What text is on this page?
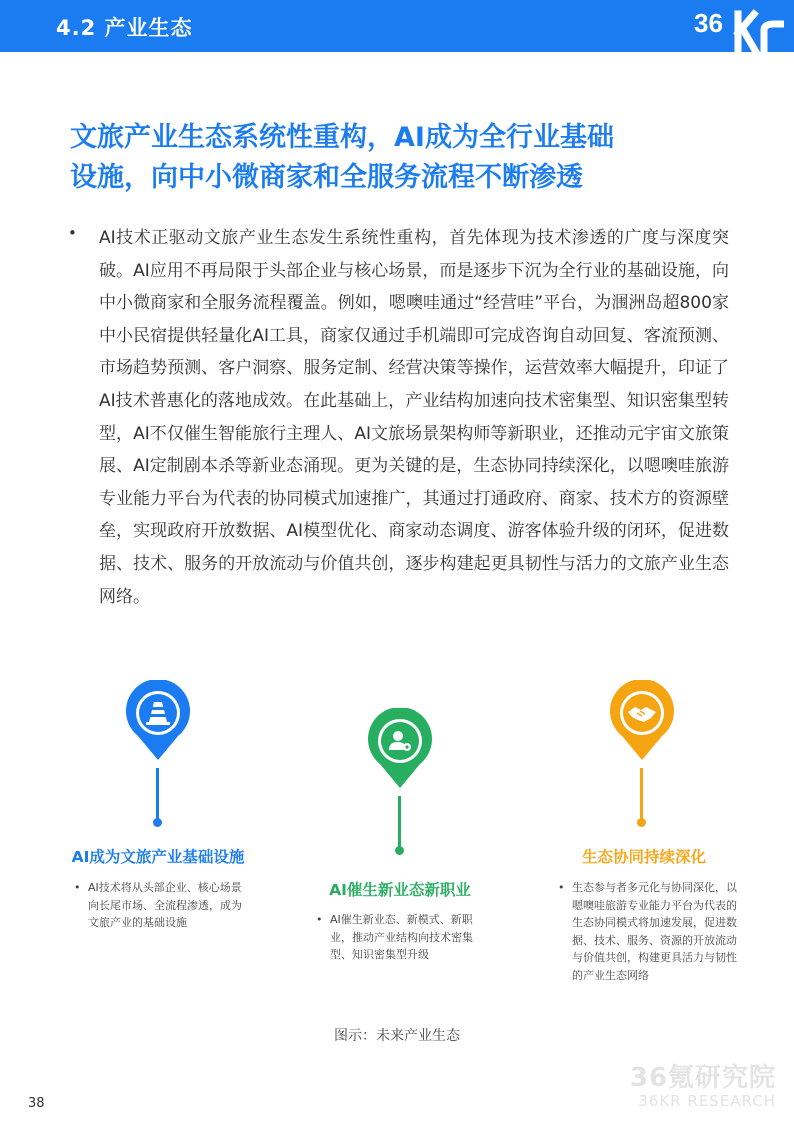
4.2 产业生态	36
文旅产业生态系统性重构，AI成为全行业基础
设施，向中小微商家和全服务流程不断渗透
• AI技术正驱动文旅产业生态发生系统性重构，首先体现为技术渗透的广度与深度突破。AI应用不再局限于头部企业与核心场景，而是逐步下沉为全行业的基础设施，向中小微商家和全服务流程覆盖。例如，嗯噢哇通过“经营哇”平台，为涠洲岛超800家中小民宿提供轻量化AI工具，商家仅通过手机端即可完成咨询自动回复、客流预测、市场趋势预测、客户洞察、服务定制、经营决策等操作，运营效率大幅提升，印证了AI技术普惠化的落地成效。在此基础上，产业结构加速向技术密集型、知识密集型转型，AI不仅催生智能旅行主理人、AI文旅场景架构师等新职业，还推动元宇宙文旅策展、AI定制剧本杀等新业态涌现。更为关键的是，生态协同持续深化，以嗯噢哇旅游专业能力平台为代表的协同模式加速推广，其通过打通政府、商家、技术方的资源壁垒，实现政府开放数据、AI模型优化、商家动态调度、游客体验升级的闭环，促进数据、技术、服务的开放流动与价值共创，逐步构建起更具韧性与活力的文旅产业生态网络。
AI成为文旅产业基础设施
• AI技术将从头部企业、核心场景向长尾市场、全流程渗透，成为文旅产业的基础设施
AI催生新业态新职业
• AI催生新业态、新模式、新职业，推动产业结构向技术密集型、知识密集型升级
生态协同持续深化
• 生态参与者多元化与协同深化，以嗯噢哇旅游专业能力平台为代表的生态协同模式将加速发展，促进数据、技术、服务、资源的开放流动与价值共创，构建更具活力与韧性的产业生态网络
图示：未来产业生态
38
36氪研究院
36KR RESEARCH
